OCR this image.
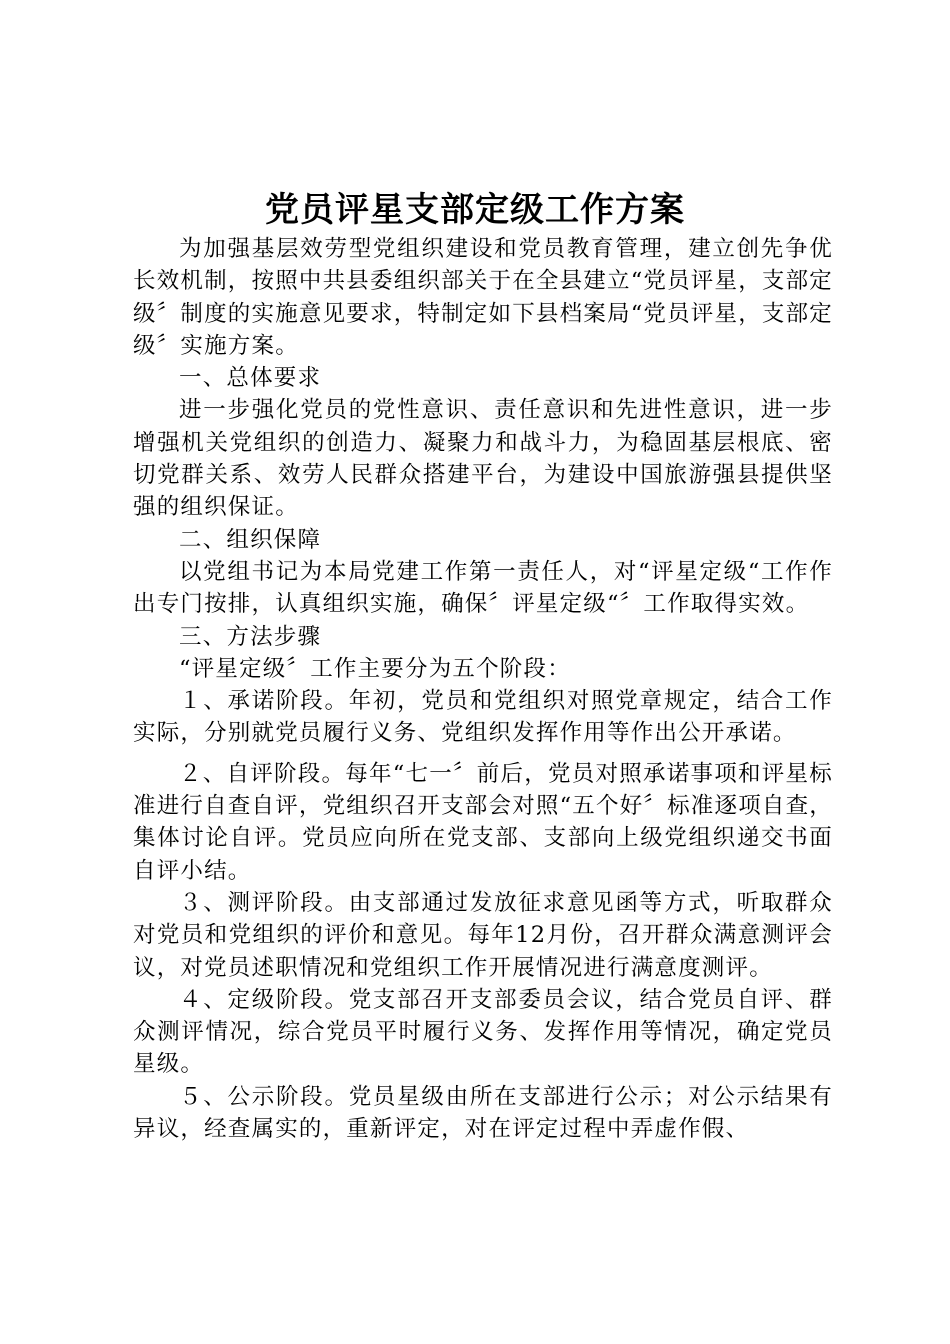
党员评星支部定级工作方案

为加强基层效劳型党组织建设和党员教育管理，建立创先争优长效机制，按照中共县委组织部关于在全县建立“党员评星，支部定级〞制度的实施意见要求，特制定如下县档案局“党员评星，支部定级〞实施方案。

一、总体要求

进一步强化党员的党性意识、责任意识和先进性意识，进一步增强机关党组织的创造力、凝聚力和战斗力，为稳固基层根底、密切党群关系、效劳人民群众搭建平台，为建设中国旅游强县提供坚强的组织保证。

二、组织保障

以党组书记为本局党建工作第一责任人，对“评星定级“工作作出专门按排，认真组织实施，确保〞评星定级“〞工作取得实效。

三、方法步骤

“评星定级〞工作主要分为五个阶段：

１、承诺阶段。年初，党员和党组织对照党章规定，结合工作实际，分别就党员履行义务、党组织发挥作用等作出公开承诺。

２、自评阶段。每年“七一〞前后，党员对照承诺事项和评星标准进行自查自评，党组织召开支部会对照“五个好〞标准逐项自查，集体讨论自评。党员应向所在党支部、支部向上级党组织递交书面自评小结。

３、测评阶段。由支部通过发放征求意见函等方式，听取群众对党员和党组织的评价和意见。每年12月份，召开群众满意测评会议，对党员述职情况和党组织工作开展情况进行满意度测评。

４、定级阶段。党支部召开支部委员会议，结合党员自评、群众测评情况，综合党员平时履行义务、发挥作用等情况，确定党员星级。

５、公示阶段。党员星级由所在支部进行公示；对公示结果有异议，经查属实的，重新评定，对在评定过程中弄虚作假、
